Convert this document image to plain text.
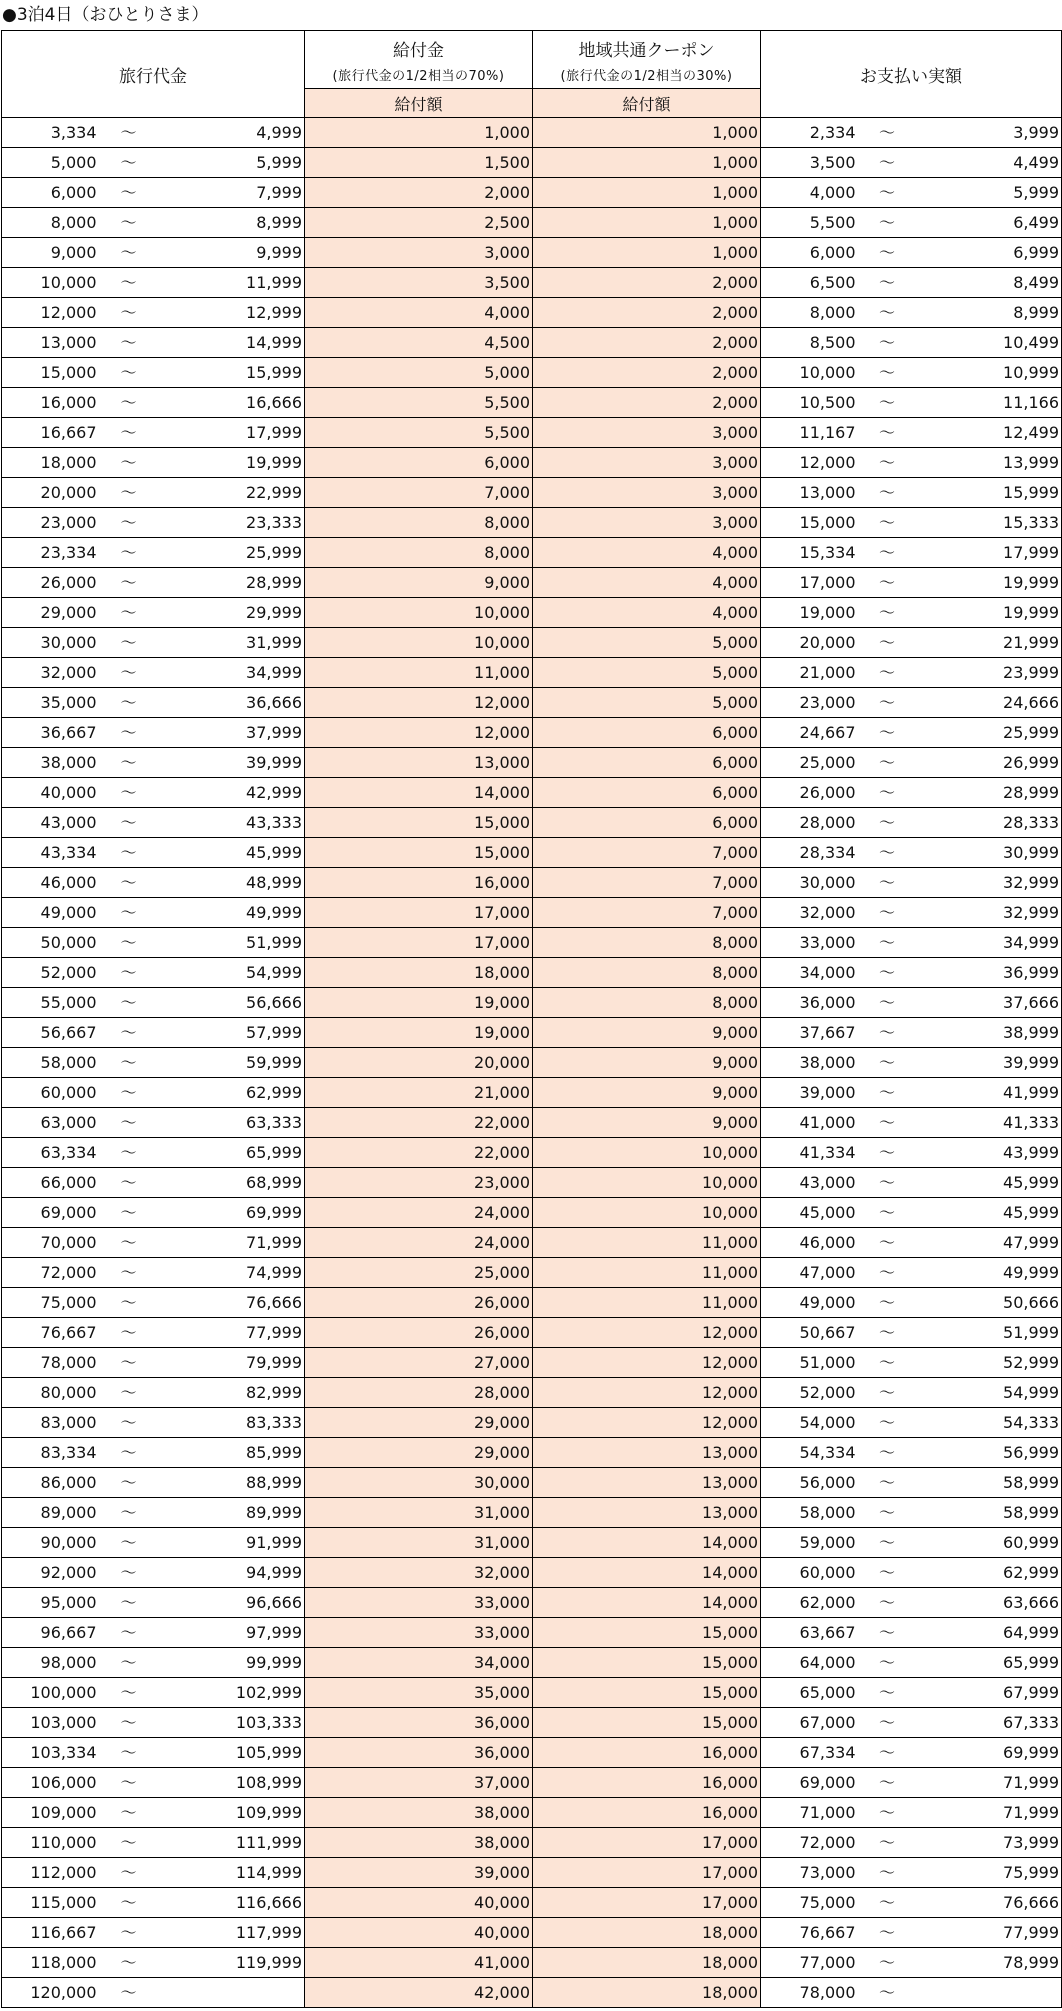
●3泊4日（おひとりさま）
旅行代金			給付金
(旅行代金の1/2相当の70%)	地域共通クーポン
(旅行代金の1/2相当の30%)	お支払い実額		
			給付額	給付額			
3,334	〜	4,999	1,000	1,000	2,334	〜	3,999
5,000	〜	5,999	1,500	1,000	3,500	〜	4,499
6,000	〜	7,999	2,000	1,000	4,000	〜	5,999
8,000	〜	8,999	2,500	1,000	5,500	〜	6,499
9,000	〜	9,999	3,000	1,000	6,000	〜	6,999
10,000	〜	11,999	3,500	2,000	6,500	〜	8,499
12,000	〜	12,999	4,000	2,000	8,000	〜	8,999
13,000	〜	14,999	4,500	2,000	8,500	〜	10,499
15,000	〜	15,999	5,000	2,000	10,000	〜	10,999
16,000	〜	16,666	5,500	2,000	10,500	〜	11,166
16,667	〜	17,999	5,500	3,000	11,167	〜	12,499
18,000	〜	19,999	6,000	3,000	12,000	〜	13,999
20,000	〜	22,999	7,000	3,000	13,000	〜	15,999
23,000	〜	23,333	8,000	3,000	15,000	〜	15,333
23,334	〜	25,999	8,000	4,000	15,334	〜	17,999
26,000	〜	28,999	9,000	4,000	17,000	〜	19,999
29,000	〜	29,999	10,000	4,000	19,000	〜	19,999
30,000	〜	31,999	10,000	5,000	20,000	〜	21,999
32,000	〜	34,999	11,000	5,000	21,000	〜	23,999
35,000	〜	36,666	12,000	5,000	23,000	〜	24,666
36,667	〜	37,999	12,000	6,000	24,667	〜	25,999
38,000	〜	39,999	13,000	6,000	25,000	〜	26,999
40,000	〜	42,999	14,000	6,000	26,000	〜	28,999
43,000	〜	43,333	15,000	6,000	28,000	〜	28,333
43,334	〜	45,999	15,000	7,000	28,334	〜	30,999
46,000	〜	48,999	16,000	7,000	30,000	〜	32,999
49,000	〜	49,999	17,000	7,000	32,000	〜	32,999
50,000	〜	51,999	17,000	8,000	33,000	〜	34,999
52,000	〜	54,999	18,000	8,000	34,000	〜	36,999
55,000	〜	56,666	19,000	8,000	36,000	〜	37,666
56,667	〜	57,999	19,000	9,000	37,667	〜	38,999
58,000	〜	59,999	20,000	9,000	38,000	〜	39,999
60,000	〜	62,999	21,000	9,000	39,000	〜	41,999
63,000	〜	63,333	22,000	9,000	41,000	〜	41,333
63,334	〜	65,999	22,000	10,000	41,334	〜	43,999
66,000	〜	68,999	23,000	10,000	43,000	〜	45,999
69,000	〜	69,999	24,000	10,000	45,000	〜	45,999
70,000	〜	71,999	24,000	11,000	46,000	〜	47,999
72,000	〜	74,999	25,000	11,000	47,000	〜	49,999
75,000	〜	76,666	26,000	11,000	49,000	〜	50,666
76,667	〜	77,999	26,000	12,000	50,667	〜	51,999
78,000	〜	79,999	27,000	12,000	51,000	〜	52,999
80,000	〜	82,999	28,000	12,000	52,000	〜	54,999
83,000	〜	83,333	29,000	12,000	54,000	〜	54,333
83,334	〜	85,999	29,000	13,000	54,334	〜	56,999
86,000	〜	88,999	30,000	13,000	56,000	〜	58,999
89,000	〜	89,999	31,000	13,000	58,000	〜	58,999
90,000	〜	91,999	31,000	14,000	59,000	〜	60,999
92,000	〜	94,999	32,000	14,000	60,000	〜	62,999
95,000	〜	96,666	33,000	14,000	62,000	〜	63,666
96,667	〜	97,999	33,000	15,000	63,667	〜	64,999
98,000	〜	99,999	34,000	15,000	64,000	〜	65,999
100,000	〜	102,999	35,000	15,000	65,000	〜	67,999
103,000	〜	103,333	36,000	15,000	67,000	〜	67,333
103,334	〜	105,999	36,000	16,000	67,334	〜	69,999
106,000	〜	108,999	37,000	16,000	69,000	〜	71,999
109,000	〜	109,999	38,000	16,000	71,000	〜	71,999
110,000	〜	111,999	38,000	17,000	72,000	〜	73,999
112,000	〜	114,999	39,000	17,000	73,000	〜	75,999
115,000	〜	116,666	40,000	17,000	75,000	〜	76,666
116,667	〜	117,999	40,000	18,000	76,667	〜	77,999
118,000	〜	119,999	41,000	18,000	77,000	〜	78,999
120,000	〜		42,000	18,000	78,000	〜	
